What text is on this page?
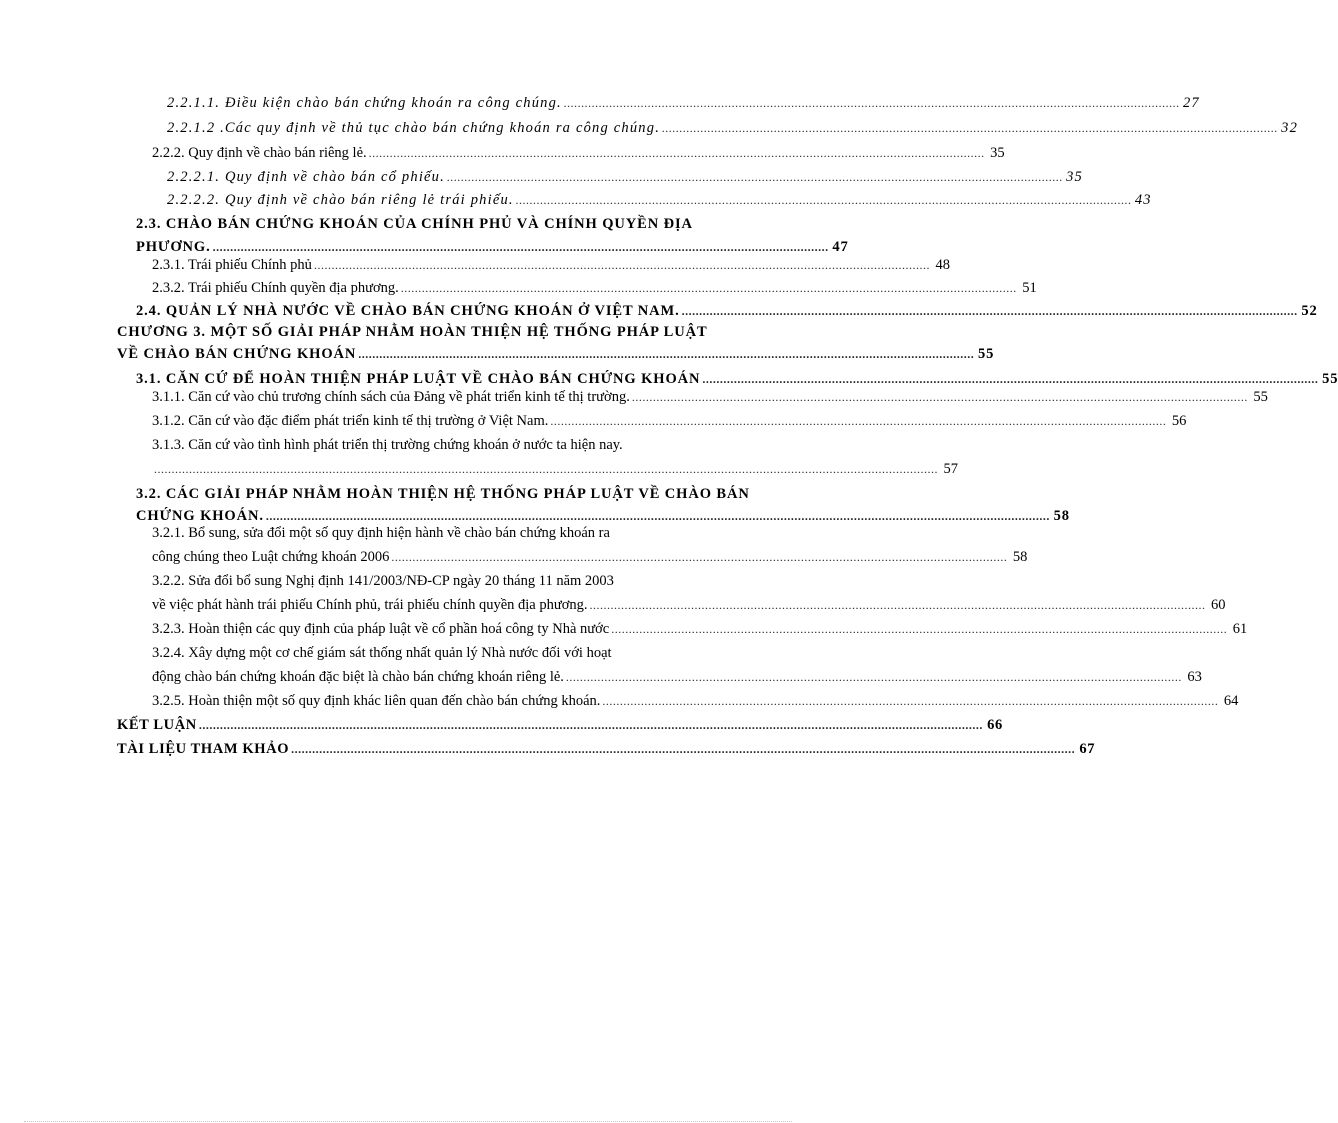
2.2.1.1. Điều kiện chào bán chứng khoán ra công chúng. ................................................................................................................................................................................ 27
2.2.1.2 .Các quy định về thủ tục chào bán chứng khoán ra công chúng. ................................................................................................................................................................................ 32
2.2.2. Quy định về chào bán riêng lẻ. ................................................................................................................................................................................ 35
2.2.2.1. Quy định về chào bán cổ phiếu. ................................................................................................................................................................................ 35
2.2.2.2. Quy định về chào bán riêng lẻ trái phiếu. ................................................................................................................................................................................ 43
2.3. CHÀO BÁN CHỨNG KHOÁN CỦA CHÍNH PHỦ VÀ CHÍNH QUYỀN ĐỊA
PHƯƠNG. ................................................................................................................................................................................ 47
2.3.1. Trái phiếu Chính phủ ................................................................................................................................................................................ 48
2.3.2. Trái phiếu Chính quyền địa phương. ................................................................................................................................................................................ 51
2.4. QUẢN LÝ NHÀ NƯỚC VỀ CHÀO BÁN CHỨNG KHOÁN Ở VIỆT NAM. ................................................................................................................................................................................ 52
CHƯƠNG 3. MỘT SỐ GIẢI PHÁP NHẰM HOÀN THIỆN HỆ THỐNG PHÁP LUẬT
VỀ CHÀO BÁN CHỨNG KHOÁN ................................................................................................................................................................................ 55
3.1. CĂN CỨ ĐỂ HOÀN THIỆN PHÁP LUẬT VỀ CHÀO BÁN CHỨNG KHOÁN ................................................................................................................................................................................ 55
3.1.1. Căn cứ vào chủ trương chính sách của Đảng về phát triển kinh tế thị trường. ................................................................................................................................................................................ 55
3.1.2. Căn cứ vào đặc điểm phát triển kinh tế thị trường ở Việt Nam. ................................................................................................................................................................................ 56
3.1.3. Căn cứ vào tình hình phát triển thị trường chứng khoán ở nước ta hiện nay.
................................................................................................................................................................................................................................ 57
3.2. CÁC GIẢI PHÁP NHẰM HOÀN THIỆN HỆ THỐNG PHÁP LUẬT VỀ CHÀO BÁN
CHỨNG KHOÁN. ................................................................................................................................................................................................................................ 58
3.2.1. Bổ sung, sửa đổi một số quy định hiện hành về chào bán chứng khoán ra
công chúng theo Luật chứng khoán 2006 ................................................................................................................................................................................ 58
3.2.2. Sửa đổi bổ sung Nghị định 141/2003/NĐ-CP ngày 20 tháng 11 năm 2003
về việc phát hành trái phiếu Chính phủ, trái phiếu chính quyền địa phương. ................................................................................................................................................................................ 60
3.2.3. Hoàn thiện các quy định của pháp luật về cổ phần hoá công ty Nhà nước ................................................................................................................................................................................ 61
3.2.4. Xây dựng một cơ chế giám sát thống nhất quản lý Nhà nước đối với hoạt
động chào bán chứng khoán đặc biệt là chào bán chứng khoán riêng lẻ. ................................................................................................................................................................................ 63
3.2.5. Hoàn thiện một số quy định khác liên quan đến chào bán chứng khoán. ................................................................................................................................................................................ 64
KẾT LUẬN ................................................................................................................................................................................................................................ 66
TÀI LIỆU THAM KHẢO ................................................................................................................................................................................................................................ 67
